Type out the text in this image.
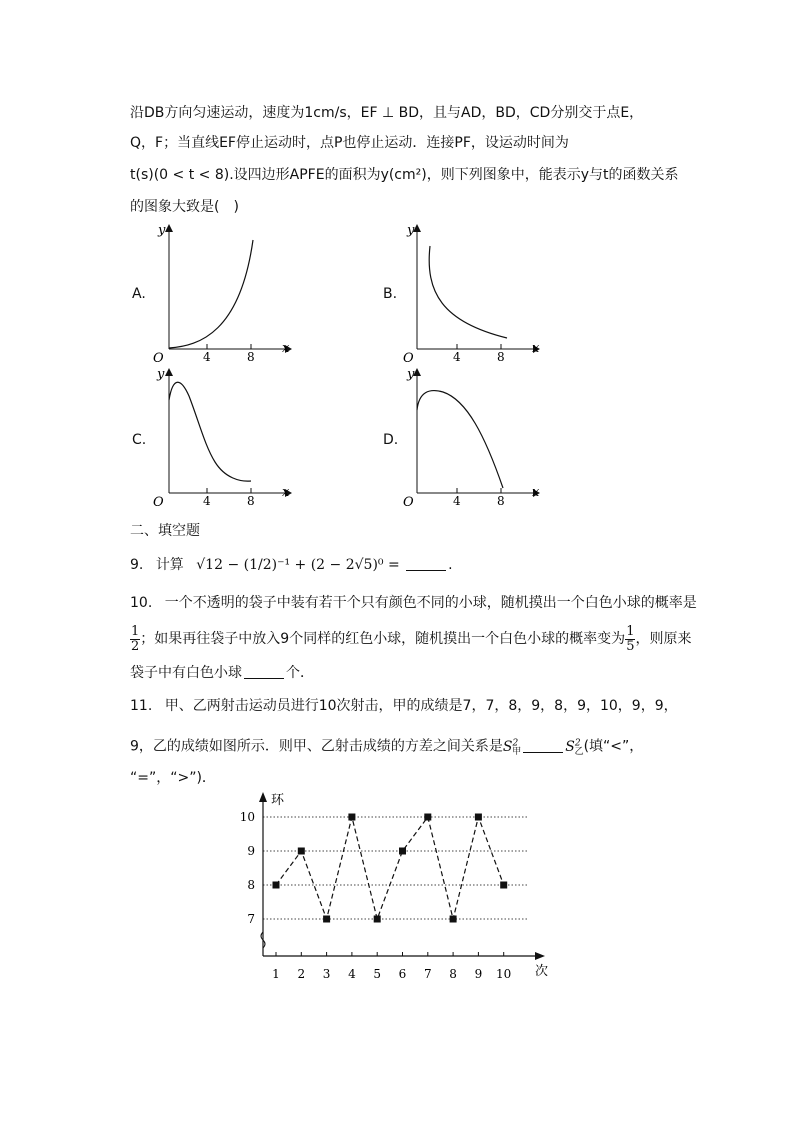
沿DB方向匀速运动，速度为1cm/s，EF ⊥ BD，且与AD，BD，CD分别交于点E，
Q，F；当直线EF停止运动时，点P也停止运动．连接PF，设运动时间为
t(s)(0 < t < 8).设四边形APFE的面积为y(cm²)，则下列图象中，能表示y与t的函数关系
的图象大致是(　)
A.	B.
C.	D.
y
x
O	4	8
y
x
O	4	8
y
x
O	4	8
y
x
O	4	8
二、填空题
9. 计算 √12 − (1/2)⁻¹ + (2 − 2√5)⁰ =	.
10. 一个不透明的袋子中装有若干个只有颜色不同的小球，随机摸出一个白色小球的概率是
$\frac{1}{2}$ ；如果再往袋子中放入9个同样的红色小球，随机摸出一个白色小球的概率变为 $\frac{1}{5}$ ，则原来
袋子中有白色小球	个．
11. 甲、乙两射击运动员进行10次射击，甲的成绩是7，7，8，9，8，9，10，9，9，
9，乙的成绩如图所示．则甲、乙射击成绩的方差之间关系是$S^2_甲$	$S^2_乙$(填“<”，
“=”，“>”)．
7
8
9
10
环
次
1 2 3 4 5 6 7 8 9 10
